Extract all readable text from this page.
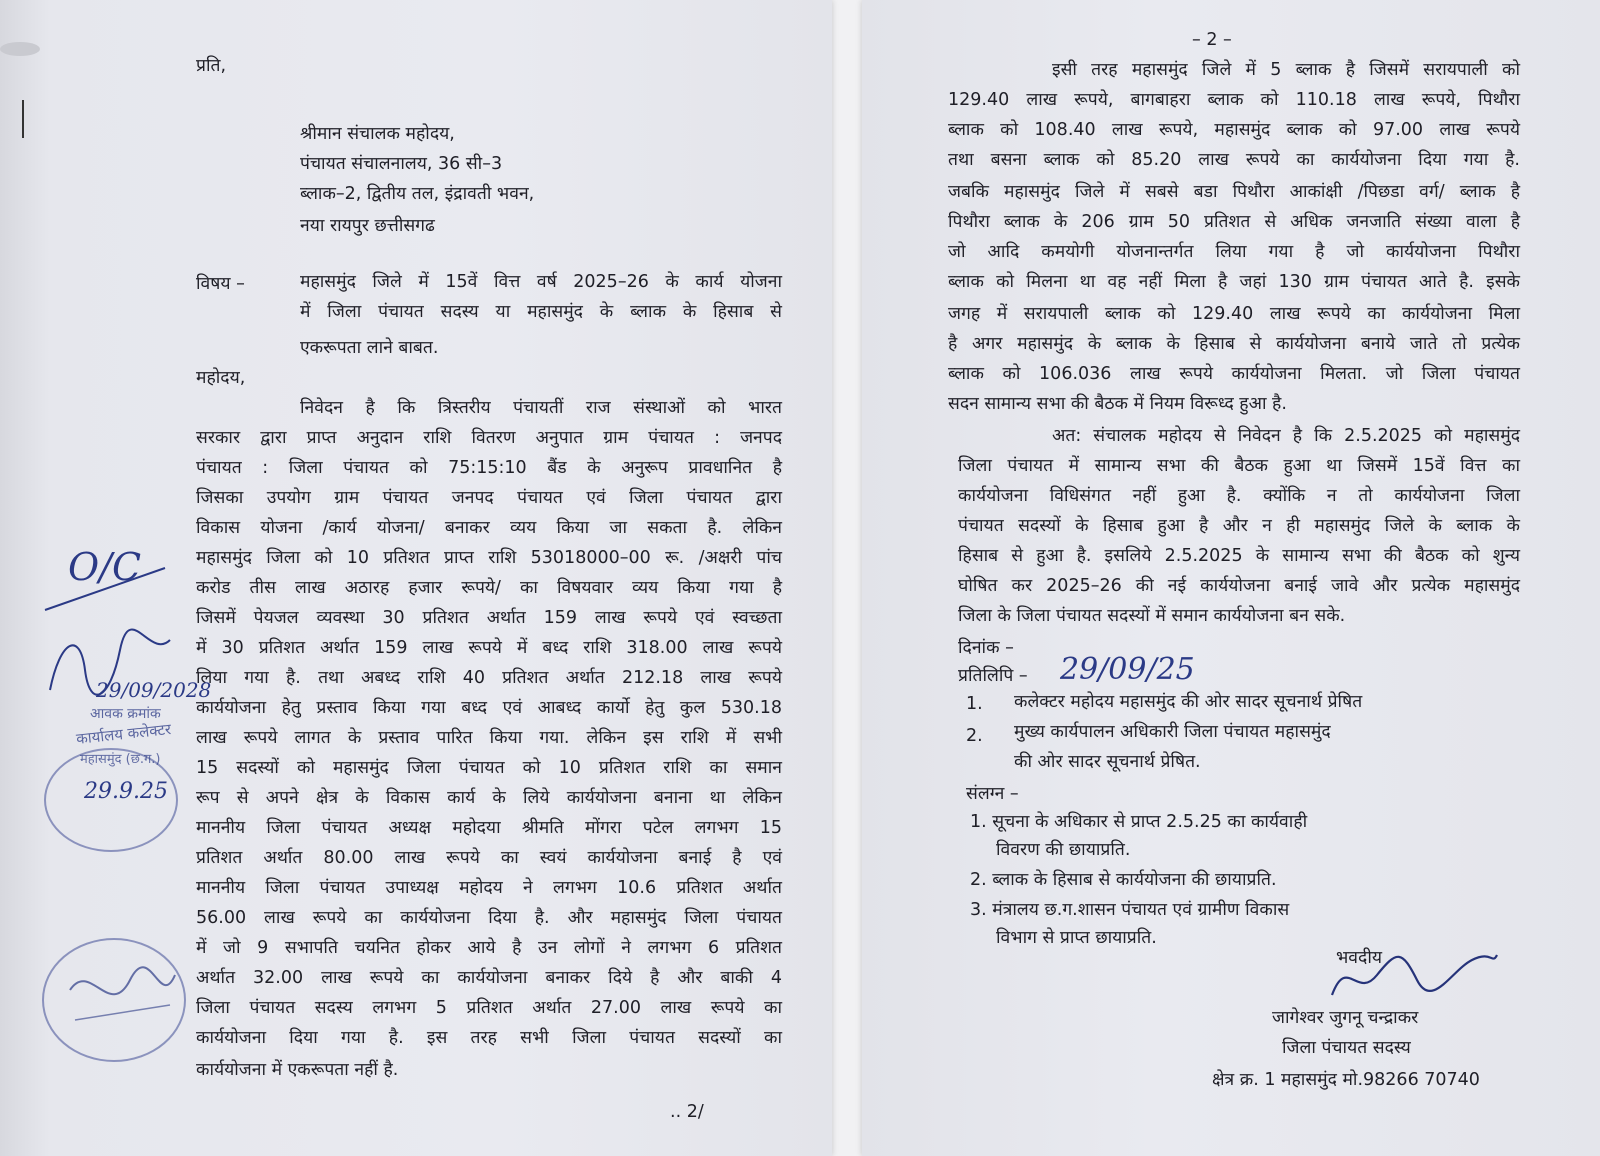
प्रति,
श्रीमान संचालक महोदय,
पंचायत संचालनालय, 36 सी–3
ब्लाक–2, द्वितीय तल, इंद्रावती भवन,
नया रायपुर छत्तीसगढ
विषय –	महासमुंद जिले में 15वें वित्त वर्ष 2025–26 के कार्य योजना
में जिला पंचायत सदस्य या महासमुंद के ब्लाक के हिसाब से
एकरूपता लाने बाबत.
महोदय,
निवेदन है कि त्रिस्तरीय पंचायतीं राज संस्थाओं को भारत
सरकार द्वारा प्राप्त अनुदान राशि वितरण अनुपात ग्राम पंचायत : जनपद
पंचायत : जिला पंचायत को 75:15:10 बैंड के अनुरूप प्रावधानित है
जिसका उपयोग ग्राम पंचायत जनपद पंचायत एवं जिला पंचायत द्वारा
विकास योजना /कार्य योजना/ बनाकर व्यय किया जा सकता है. लेकिन
महासमुंद जिला को 10 प्रतिशत प्राप्त राशि 53018000–00 रू. /अक्षरी पांच
करोड तीस लाख अठारह हजार रूपये/ का विषयवार व्यय किया गया है
जिसमें पेयजल व्यवस्था 30 प्रतिशत अर्थात 159 लाख रूपये एवं स्वच्छता
में 30 प्रतिशत अर्थात 159 लाख रूपये में बध्द राशि 318.00 लाख रूपये
लिया गया है. तथा अबध्द राशि 40 प्रतिशत अर्थात 212.18 लाख रूपये
कार्ययोजना हेतु प्रस्ताव किया गया बध्द एवं आबध्द कार्यो हेतु कुल 530.18
लाख रूपये लागत के प्रस्ताव पारित किया गया. लेकिन इस राशि में सभी
15 सदस्यों को महासमुंद जिला पंचायत को 10 प्रतिशत राशि का समान
रूप से अपने क्षेत्र के विकास कार्य के लिये कार्ययोजना बनाना था लेकिन
माननीय जिला पंचायत अध्यक्ष महोदया श्रीमति मोंगरा पटेल लगभग 15
प्रतिशत अर्थात 80.00 लाख रूपये का स्वयं कार्ययोजना बनाई है एवं
माननीय जिला पंचायत उपाध्यक्ष महोदय ने लगभग 10.6 प्रतिशत अर्थात
56.00 लाख रूपये का कार्ययोजना दिया है. और महासमुंद जिला पंचायत
में जो 9 सभापति चयनित होकर आये है उन लोगों ने लगभग 6 प्रतिशत
अर्थात 32.00 लाख रूपये का कार्ययोजना बनाकर दिये है और बाकी 4
जिला पंचायत सदस्य लगभग 5 प्रतिशत अर्थात 27.00 लाख रूपये का
कार्ययोजना दिया गया है. इस तरह सभी जिला पंचायत सदस्यों का
कार्ययोजना में एकरूपता नहीं है.
.. 2/
O/C
29/09/2028
आवक क्रमांक
कार्यालय कलेक्टर
महासमुंद (छ.ग.)
29.9.25
– 2 –
इसी तरह महासमुंद जिले में 5 ब्लाक है जिसमें सरायपाली को
129.40 लाख रूपये, बागबाहरा ब्लाक को 110.18 लाख रूपये, पिथौरा
ब्लाक को 108.40 लाख रूपये, महासमुंद ब्लाक को 97.00 लाख रूपये
तथा बसना ब्लाक को 85.20 लाख रूपये का कार्ययोजना दिया गया है.
जबकि महासमुंद जिले में सबसे बडा पिथौरा आकांक्षी /पिछडा वर्ग/ ब्लाक है
पिथौरा ब्लाक के 206 ग्राम 50 प्रतिशत से अधिक जनजाति संख्या वाला है
जो आदि कमयोगी योजनान्तर्गत लिया गया है जो कार्ययोजना पिथौरा
ब्लाक को मिलना था वह नहीं मिला है जहां 130 ग्राम पंचायत आते है. इसके
जगह में सरायपाली ब्लाक को 129.40 लाख रूपये का कार्ययोजना मिला
है अगर महासमुंद के ब्लाक के हिसाब से कार्ययोजना बनाये जाते तो प्रत्येक
ब्लाक को 106.036 लाख रूपये कार्ययोजना मिलता. जो जिला पंचायत
सदन सामान्य सभा की बैठक में नियम विरूध्द हुआ है.
अत: संचालक महोदय से निवेदन है कि 2.5.2025 को महासमुंद
जिला पंचायत में सामान्य सभा की बैठक हुआ था जिसमें 15वें वित्त का
कार्ययोजना विधिसंगत नहीं हुआ है. क्योंकि न तो कार्ययोजना जिला
पंचायत सदस्यों के हिसाब हुआ है और न ही महासमुंद जिले के ब्लाक के
हिसाब से हुआ है. इसलिये 2.5.2025 के सामान्य सभा की बैठक को शुन्य
घोषित कर 2025–26 की नई कार्ययोजना बनाई जावे और प्रत्येक महासमुंद
जिला के जिला पंचायत सदस्यों में समान कार्ययोजना बन सके.
दिनांक –
प्रतिलिपि – 29/09/25
1. कलेक्टर महोदय महासमुंद की ओर सादर सूचनार्थ प्रेषित
2. मुख्य कार्यपालन अधिकारी जिला पंचायत महासमुंद
की ओर सादर सूचनार्थ प्रेषित.
संलग्न –
1. सूचना के अधिकार से प्राप्त 2.5.25 का कार्यवाही
विवरण की छायाप्रति.
2. ब्लाक के हिसाब से कार्ययोजना की छायाप्रति.
3. मंत्रालय छ.ग.शासन पंचायत एवं ग्रामीण विकास
विभाग से प्राप्त छायाप्रति.
भवदीय
जागेश्वर जुगनू चन्द्राकर
जिला पंचायत सदस्य
क्षेत्र क्र. 1 महासमुंद मो.98266 70740
